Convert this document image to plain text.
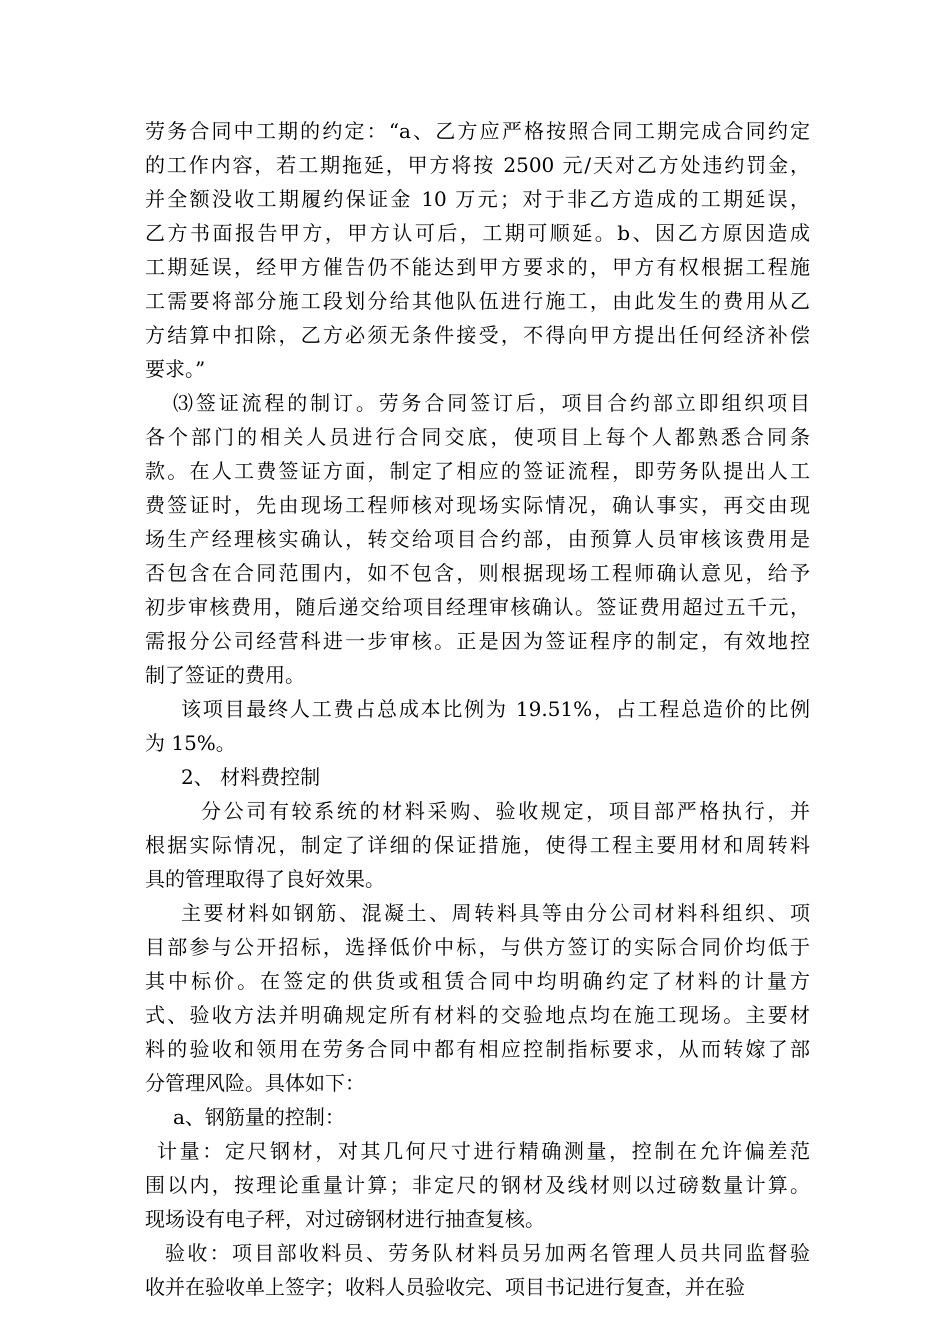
劳务合同中工期的约定：“a、乙方应严格按照合同工期完成合同约定
的工作内容，若工期拖延，甲方将按 2500 元/天对乙方处违约罚金，
并全额没收工期履约保证金 10 万元；对于非乙方造成的工期延误，
乙方书面报告甲方，甲方认可后，工期可顺延。b、因乙方原因造成
工期延误，经甲方催告仍不能达到甲方要求的，甲方有权根据工程施
工需要将部分施工段划分给其他队伍进行施工，由此发生的费用从乙
方结算中扣除，乙方必须无条件接受，不得向甲方提出任何经济补偿
要求。”
⑶签证流程的制订。劳务合同签订后，项目合约部立即组织项目
各个部门的相关人员进行合同交底，使项目上每个人都熟悉合同条
款。在人工费签证方面，制定了相应的签证流程，即劳务队提出人工
费签证时，先由现场工程师核对现场实际情况，确认事实，再交由现
场生产经理核实确认，转交给项目合约部，由预算人员审核该费用是
否包含在合同范围内，如不包含，则根据现场工程师确认意见，给予
初步审核费用，随后递交给项目经理审核确认。签证费用超过五千元，
需报分公司经营科进一步审核。正是因为签证程序的制定，有效地控
制了签证的费用。
该项目最终人工费占总成本比例为 19.51%，占工程总造价的比例
为 15%。
2、 材料费控制
分公司有较系统的材料采购、验收规定，项目部严格执行，并
根据实际情况，制定了详细的保证措施，使得工程主要用材和周转料
具的管理取得了良好效果。
主要材料如钢筋、混凝土、周转料具等由分公司材料科组织、项
目部参与公开招标，选择低价中标，与供方签订的实际合同价均低于
其中标价。在签定的供货或租赁合同中均明确约定了材料的计量方
式、验收方法并明确规定所有材料的交验地点均在施工现场。主要材
料的验收和领用在劳务合同中都有相应控制指标要求，从而转嫁了部
分管理风险。具体如下：
a、钢筋量的控制：
计量：定尺钢材，对其几何尺寸进行精确测量，控制在允许偏差范
围以内，按理论重量计算；非定尺的钢材及线材则以过磅数量计算。
现场设有电子秤，对过磅钢材进行抽查复核。
验收：项目部收料员、劳务队材料员另加两名管理人员共同监督验
收并在验收单上签字；收料人员验收完、项目书记进行复查，并在验
